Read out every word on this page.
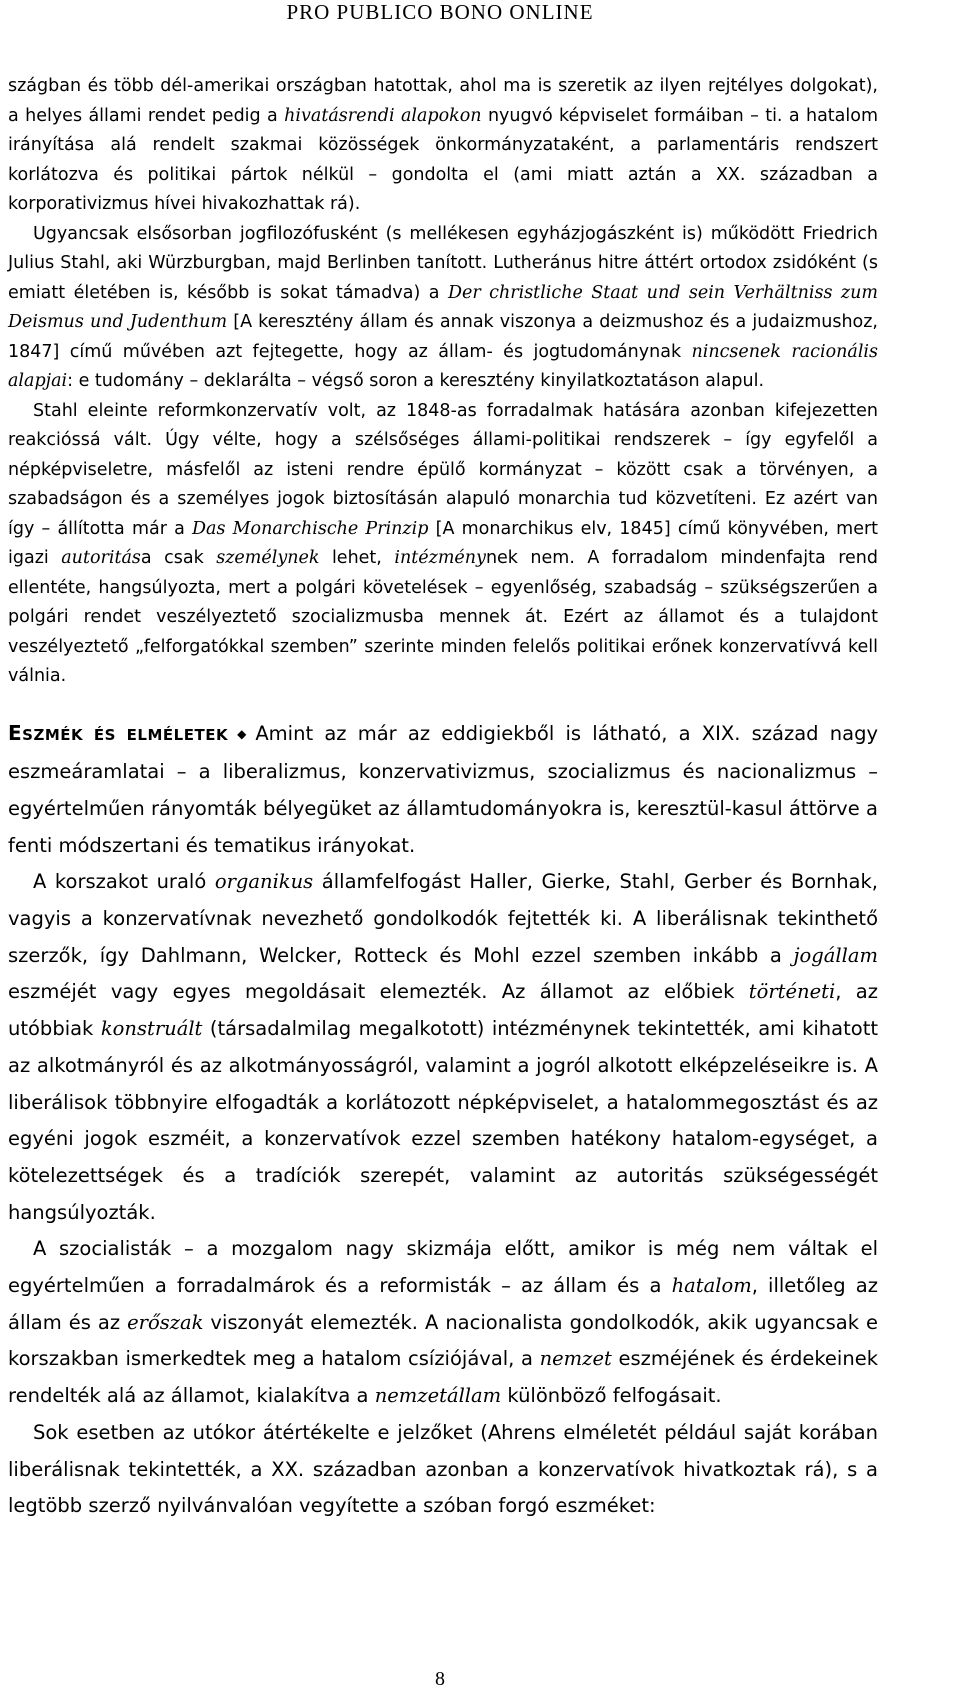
PRO PUBLICO BONO ONLINE

szágban és több dél-amerikai országban hatottak, ahol ma is szeretik az ilyen rejtélyes dolgokat), a helyes állami rendet pedig a hivatásrendi alapokon nyugvó képviselet formáiban – ti. a hatalom irányítása alá rendelt szakmai közösségek önkormányzataként, a parlamentáris rendszert korlátozva és politikai pártok nélkül – gondolta el (ami miatt aztán a XX. században a korporativizmus hívei hivakozhattak rá).

Ugyancsak elsősorban jogfilozófusként (s mellékesen egyházjogászként is) működött Friedrich Julius Stahl, aki Würzburgban, majd Berlinben tanított. Lutheránus hitre áttért ortodox zsidóként (s emiatt életében is, később is sokat támadva) a Der christliche Staat und sein Verhältniss zum Deismus und Judenthum [A keresztény állam és annak viszonya a deizmushoz és a judaizmushoz, 1847] című művében azt fejtegette, hogy az állam- és jogtudománynak nincsenek racionális alapjai: e tudomány – deklarálta – végső soron a keresztény kinyilatkoztatáson alapul.

Stahl eleinte reformkonzervatív volt, az 1848-as forradalmak hatására azonban kifejezetten reakcióssá vált. Úgy vélte, hogy a szélsőséges állami-politikai rendszerek – így egyfelől a népképviseletre, másfelől az isteni rendre épülő kormányzat – között csak a törvényen, a szabadságon és a személyes jogok biztosításán alapuló monarchia tud közvetíteni. Ez azért van így – állította már a Das Monarchische Prinzip [A monarchikus elv, 1845] című könyvében, mert igazi autoritása csak személynek lehet, intézménynek nem. A forradalom mindenfajta rend ellentéte, hangsúlyozta, mert a polgári követelések – egyenlőség, szabadság – szükségszerűen a polgári rendet veszélyeztető szocializmusba mennek át. Ezért az államot és a tulajdont veszélyeztető „felforgatókkal szemben” szerinte minden felelős politikai erőnek konzervatívvá kell válnia.

ESZMÉK ÉS ELMÉLETEK ◆ Amint az már az eddigiekből is látható, a XIX. század nagy eszmeáramlatai – a liberalizmus, konzervativizmus, szocializmus és nacionalizmus – egyértelműen rányomták bélyegüket az államtudományokra is, keresztül-kasul áttörve a fenti módszertani és tematikus irányokat.

A korszakot uraló organikus államfelfogást Haller, Gierke, Stahl, Gerber és Bornhak, vagyis a konzervatívnak nevezhető gondolkodók fejtették ki. A liberálisnak tekinthető szerzők, így Dahlmann, Welcker, Rotteck és Mohl ezzel szemben inkább a jogállam eszméjét vagy egyes megoldásait elemezték. Az államot az előbiek történeti, az utóbbiak konstruált (társadalmilag megalkotott) intézménynek tekintették, ami kihatott az alkotmányról és az alkotmányosságról, valamint a jogról alkotott elképzeléseikre is. A liberálisok többnyire elfogadták a korlátozott népképviselet, a hatalommegosztást és az egyéni jogok eszméit, a konzervatívok ezzel szemben hatékony hatalom-egységet, a kötelezettségek és a tradíciók szerepét, valamint az autoritás szükségességét hangsúlyozták.

A szocialisták – a mozgalom nagy skizmája előtt, amikor is még nem váltak el egyértelműen a forradalmárok és a reformisták – az állam és a hatalom, illetőleg az állam és az erőszak viszonyát elemezték. A nacionalista gondolkodók, akik ugyancsak e korszakban ismerkedtek meg a hatalom csíziójával, a nemzet eszméjének és érdekeinek rendelték alá az államot, kialakítva a nemzetállam különböző felfogásait.

Sok esetben az utókor átértékelte e jelzőket (Ahrens elméletét például saját korában liberálisnak tekintették, a XX. században azonban a konzervatívok hivatkoztak rá), s a legtöbb szerző nyilvánvalóan vegyítette a szóban forgó eszméket:

8
